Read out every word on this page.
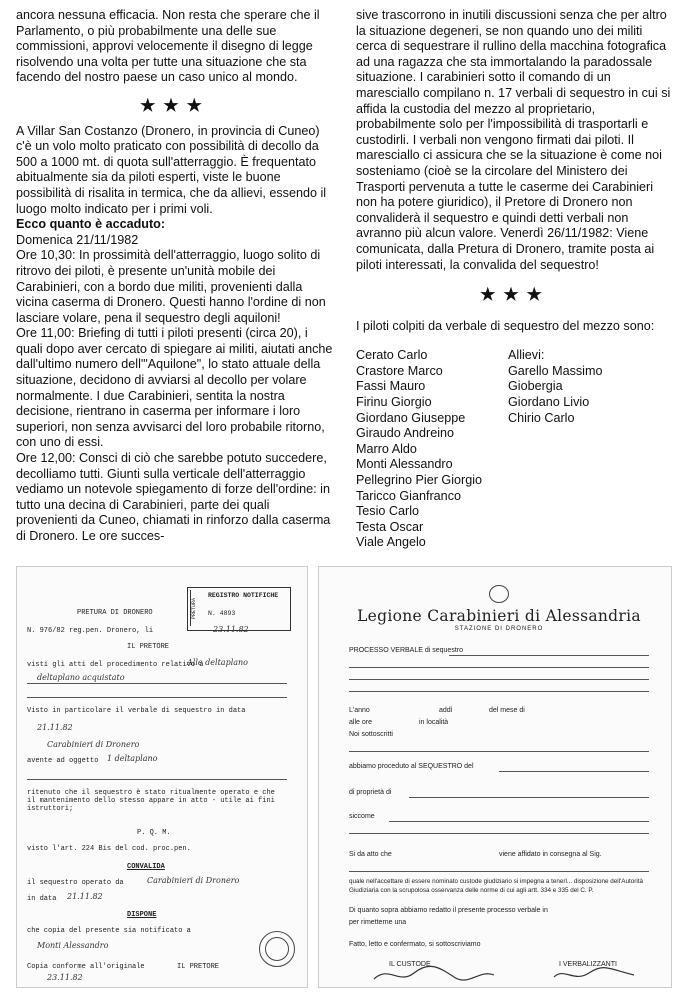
ancora nessuna efficacia. Non resta che sperare che il Parlamento, o più probabilmente una delle sue commissioni, approvi velocemente il disegno di legge risolvendo una volta per tutte una situazione che sta facendo del nostro paese un caso unico al mondo.

★★★

A Villar San Costanzo (Dronero, in provincia di Cuneo) c'è un volo molto praticato con possibilità di decollo da 500 a 1000 mt. di quota sull'atterraggio. È frequentato abitualmente sia da piloti esperti, viste le buone possibilità di risalita in termica, che da allievi, essendo il luogo molto indicato per i primi voli.

Ecco quanto è accaduto:

Domenica 21/11/1982

Ore 10,30: In prossimità dell'atterraggio, luogo solito di ritrovo dei piloti, è presente un'unità mobile dei Carabinieri, con a bordo due militi, provenienti dalla vicina caserma di Dronero. Questi hanno l'ordine di non lasciare volare, pena il sequestro degli aquiloni!

Ore 11,00: Briefing di tutti i piloti presenti (circa 20), i quali dopo aver cercato di spiegare ai militi, aiutati anche dall'ultimo numero dell'"Aquilone", lo stato attuale della situazione, decidono di avviarsi al decollo per volare normalmente. I due Carabinieri, sentita la nostra decisione, rientrano in caserma per informare i loro superiori, non senza avvisarci del loro probabile ritorno, con uno di essi.

Ore 12,00: Consci di ciò che sarebbe potuto succedere, decolliamo tutti. Giunti sulla verticale dell'atterraggio vediamo un notevole spiegamento di forze dell'ordine: in tutto una decina di Carabinieri, parte dei quali provenienti da Cuneo, chiamati in rinforzo dalla caserma di Dronero. Le ore succes-

sive trascorrono in inutili discussioni senza che per altro la situazione degeneri, se non quando uno dei militi cerca di sequestrare il rullino della macchina fotografica ad una ragazza che sta immortalando la paradossale situazione. I carabinieri sotto il comando di un maresciallo compilano n. 17 verbali di sequestro in cui si affida la custodia del mezzo al proprietario, probabilmente solo per l'impossibilità di trasportarli e custodirli. I verbali non vengono firmati dai piloti. Il maresciallo ci assicura che se la situazione è come noi sosteniamo (cioè se la circolare del Ministero dei Trasporti pervenuta a tutte le caserme dei Carabinieri non ha potere giuridico), il Pretore di Dronero non convaliderà il sequestro e quindi detti verbali non avranno più alcun valore. Venerdì 26/11/1982: Viene comunicata, dalla Pretura di Dronero, tramite posta ai piloti interessati, la convalida del sequestro!

★★★

I piloti colpiti da verbale di sequestro del mezzo sono:

Cerato Carlo
Crastore Marco
Fassi Mauro
Firinu Giorgio
Giordano Giuseppe
Giraudo Andreino
Marro Aldo
Monti Alessandro
Pellegrino Pier Giorgio
Taricco Gianfranco
Tesio Carlo
Testa Oscar
Viale Angelo
Allievi:
Garello Massimo
Giobergia
Giordano Livio
Chirio Carlo
PRETURA
REGISTRO NOTIFICHE
N. 4893
PRETURA DI DRONERO
N. 976/82 reg.pen. Dronero, li	23.11.82
IL PRETORE
visti gli atti del procedimento relativo a
Alle deltaplano
deltaplano acquistato
Visto in particolare il verbale di sequestro in data
21.11.82
Carabinieri di Dronero
avente ad oggetto 1 deltaplano
ritenuto che il sequestro è stato ritualmente operato e che il mantenimento dello stesso appare in atto - utile ai fini istruttori;
P. Q. M.
visto l'art. 224 Bis del cod. proc.pen.
CONVALIDA
il sequestro operato da	Carabinieri di Dronero
in data 21.11.82
DISPONE
che copia del presente sia notificato a
Monti Alessandro
Copia conforme all'originale
23.11.82
IL PRETORE
Legione Carabinieri di Alessandria
STAZIONE DI DRONERO
PROCESSO VERBALE di sequestro
L'anno	addì	del mese di
alle ore	in località
Noi sottoscritti
abbiamo proceduto al SEQUESTRO del
di proprietà di
siccome
Si da atto che	viene affidato in consegna al Sig.
quale nell'accettare di essere nominato custode giudiziario si impegna a tenerl... disposizione dell'Autorità Giudiziaria con la scrupolosa osservanza delle norme di cui agli artt. 334 e 335 del C. P.
Di quanto sopra abbiamo redatto il presente processo verbale in
per rimetterne una
Fatto, letto e confermato, si sottoscriviamo
IL CUSTODE	I VERBALIZZANTI
